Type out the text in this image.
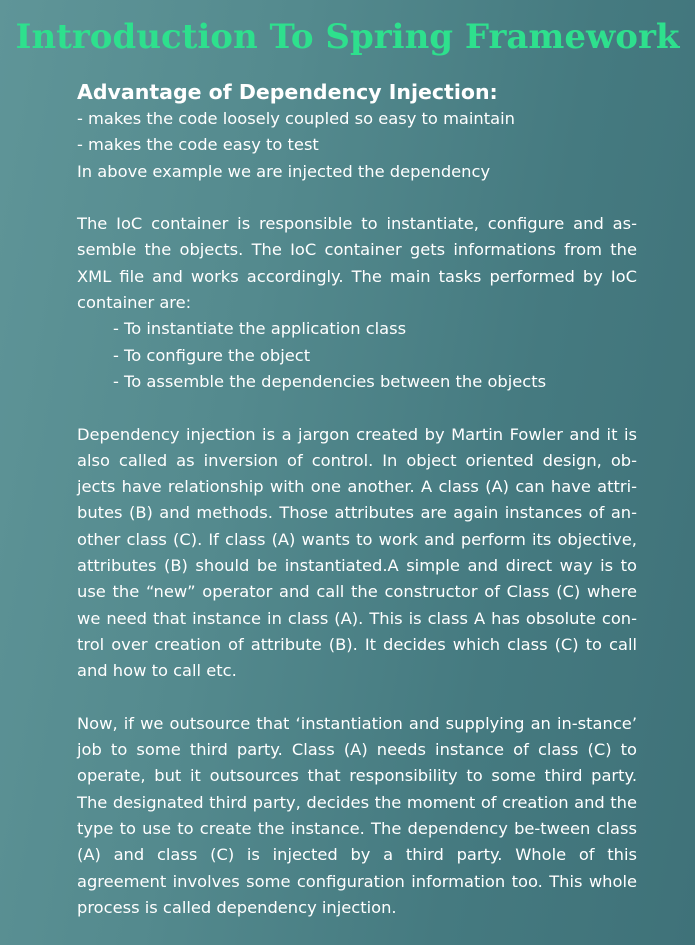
Introduction To Spring Framework

Advantage of Dependency Injection:

- makes the code loosely coupled so easy to maintain

- makes the code easy to test

In above example we are injected the dependency

The IoC container is responsible to instantiate, configure and as-semble the objects. The IoC container gets informations from the XML file and works accordingly. The main tasks performed by IoC container are:

- To instantiate the application class
- To configure the object
- To assemble the dependencies between the objects

Dependency injection is a jargon created by Martin Fowler and it is also called as inversion of control. In object oriented design, ob-jects have relationship with one another. A class (A) can have attri-butes (B) and methods. Those attributes are again instances of an-other class (C). If class (A) wants to work and perform its objective, attributes (B) should be instantiated.A simple and direct way is to use the “new” operator and call the constructor of Class (C) where we need that instance in class (A). This is class A has obsolute con-trol over creation of attribute (B). It decides which class (C) to call and how to call etc.

Now, if we outsource that ‘instantiation and supplying an in-stance’ job to some third party. Class (A) needs instance of class (C) to operate, but it outsources that responsibility to some third party. The designated third party, decides the moment of creation and the type to use to create the instance. The dependency be-tween class (A) and class (C) is injected by a third party. Whole of this agreement involves some configuration information too. This whole process is called dependency injection.
